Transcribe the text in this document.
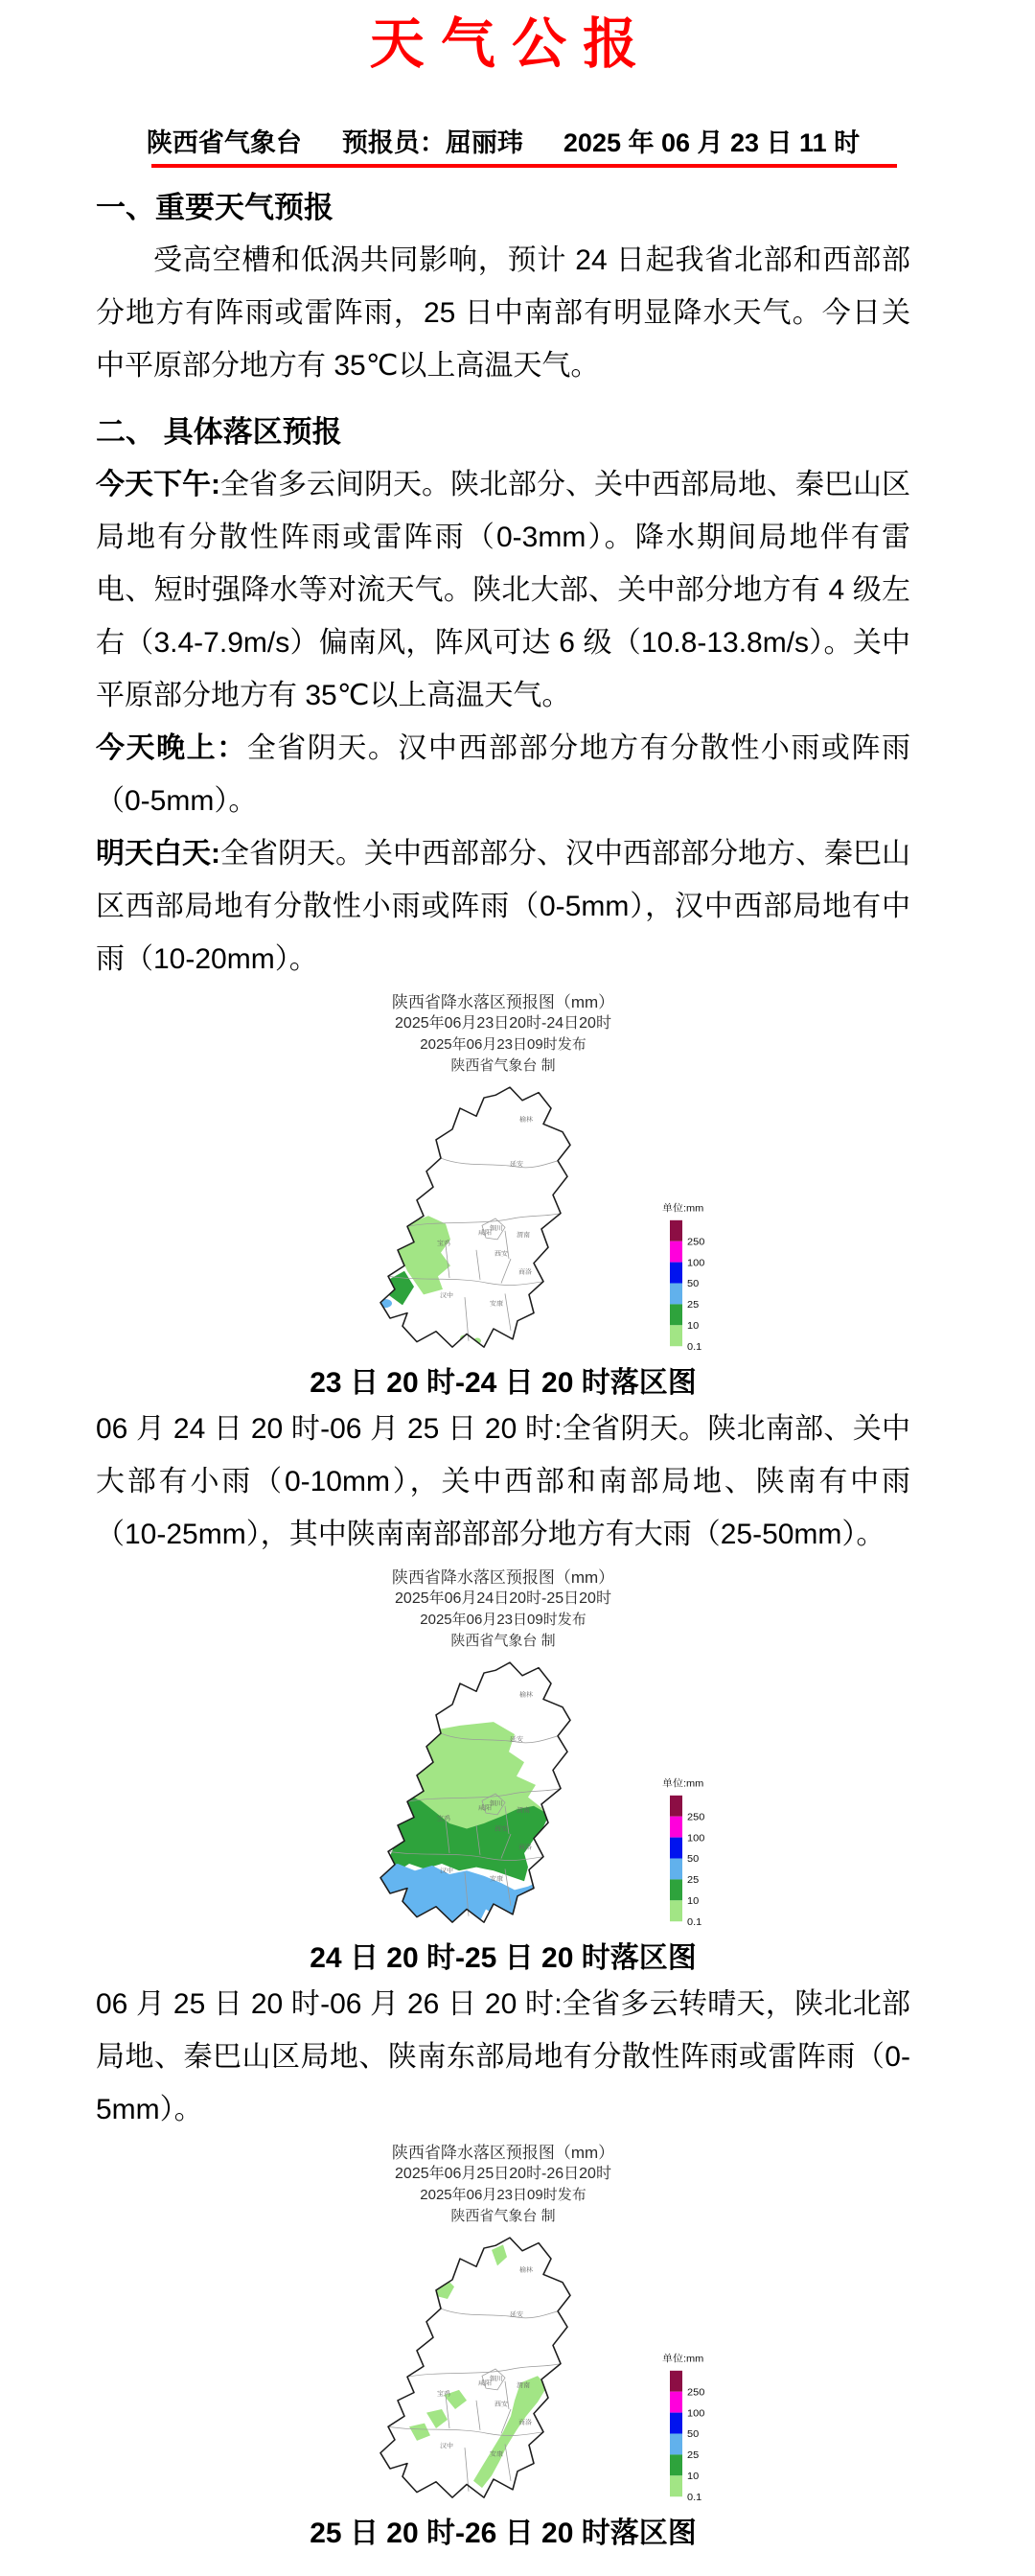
天气公报
陕西省气象台 预报员：屈丽玮 2025 年 06 月 23 日 11 时
一、重要天气预报

受高空槽和低涡共同影响，预计 24 日起我省北部和西部部分地方有阵雨或雷阵雨，25 日中南部有明显降水天气。今日关中平原部分地方有 35℃以上高温天气。

二、 具体落区预报

今天下午:全省多云间阴天。陕北部分、关中西部局地、秦巴山区局地有分散性阵雨或雷阵雨（0-3mm）。降水期间局地伴有雷电、短时强降水等对流天气。陕北大部、关中部分地方有 4 级左右（3.4-7.9m/s）偏南风，阵风可达 6 级（10.8-13.8m/s）。关中平原部分地方有 35℃以上高温天气。

今天晚上：全省阴天。汉中西部部分地方有分散性小雨或阵雨（0-5mm）。

明天白天:全省阴天。关中西部部分、汉中西部部分地方、秦巴山区西部局地有分散性小雨或阵雨（0-5mm），汉中西部局地有中雨（10-20mm）。

陕西省降水落区预报图（mm）
2025年06月23日20时-24日20时
2025年06月23日09时发布
陕西省气象台 制
榆林
延安
铜川
渭南
咸阳
宝鸡
西安
商洛
汉中
安康
单位:mm
250
100
50
25
10
0.1
23 日 20 时-24 日 20 时落区图

06 月 24 日 20 时-06 月 25 日 20 时:全省阴天。陕北南部、关中大部有小雨（0-10mm），关中西部和南部局地、陕南有中雨（10-25mm），其中陕南南部部部分地方有大雨（25-50mm）。

陕西省降水落区预报图（mm）
2025年06月24日20时-25日20时
2025年06月23日09时发布
陕西省气象台 制
榆林
延安
铜川
渭南
咸阳
宝鸡
西安
商洛
汉中
安康
单位:mm
250
100
50
25
10
0.1
24 日 20 时-25 日 20 时落区图

06 月 25 日 20 时-06 月 26 日 20 时:全省多云转晴天，陕北北部局地、秦巴山区局地、陕南东部局地有分散性阵雨或雷阵雨（0-5mm）。

陕西省降水落区预报图（mm）
2025年06月25日20时-26日20时
2025年06月23日09时发布
陕西省气象台 制
榆林
延安
铜川
渭南
咸阳
宝鸡
西安
商洛
汉中
安康
单位:mm
250
100
50
25
10
0.1
25 日 20 时-26 日 20 时落区图
